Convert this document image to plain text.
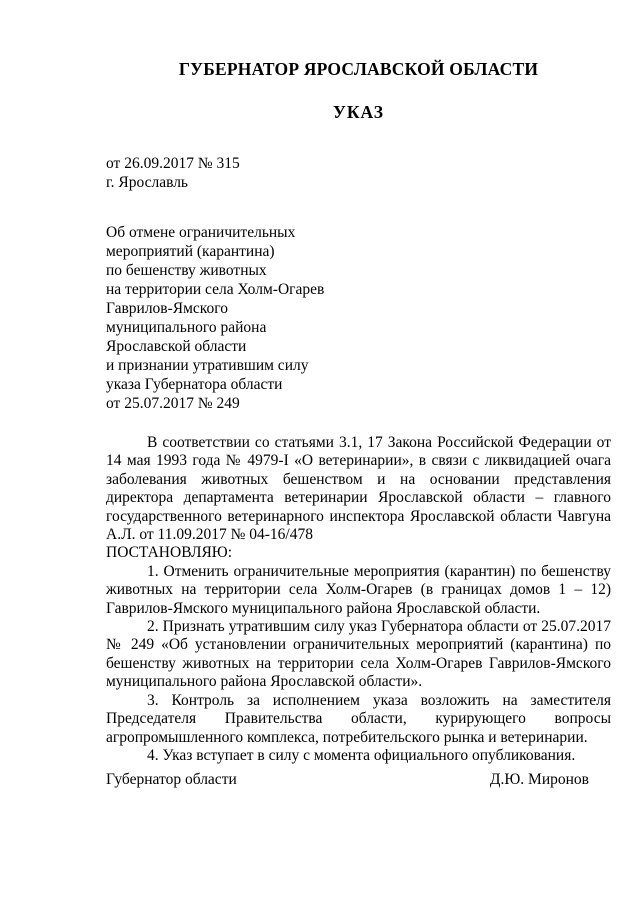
ГУБЕРНАТОР ЯРОСЛАВСКОЙ ОБЛАСТИ
УКАЗ
от 26.09.2017 № 315
г. Ярославль
Об отмене ограничительных
мероприятий (карантина)
по бешенству животных
на территории села Холм-Огарев
Гаврилов-Ямского
муниципального района
Ярославской области
и признании утратившим силу
указа Губернатора области
от 25.07.2017 № 249

В соответствии со статьями 3.1, 17 Закона Российской Федерации от 14 мая 1993 года № 4979-I «О ветеринарии», в связи с ликвидацией очага заболевания животных бешенством и на основании представления директора департамента ветеринарии Ярославской области – главного государственного ветеринарного инспектора Ярославской области Чавгуна А.Л. от 11.09.2017 № 04-16/478

ПОСТАНОВЛЯЮ:

1. Отменить ограничительные мероприятия (карантин) по бешенству животных на территории села Холм-Огарев (в границах домов 1 – 12) Гаврилов-Ямского муниципального района Ярославской области.

2. Признать утратившим силу указ Губернатора области от 25.07.2017 № 249 «Об установлении ограничительных мероприятий (карантина) по бешенству животных на территории села Холм-Огарев Гаврилов-Ямского муниципального района Ярославской области».

3. Контроль за исполнением указа возложить на заместителя Председателя Правительства области, курирующего вопросы агропромышленного комплекса, потребительского рынка и ветеринарии.

4. Указ вступает в силу с момента официального опубликования.

Губернатор области	Д.Ю. Миронов
